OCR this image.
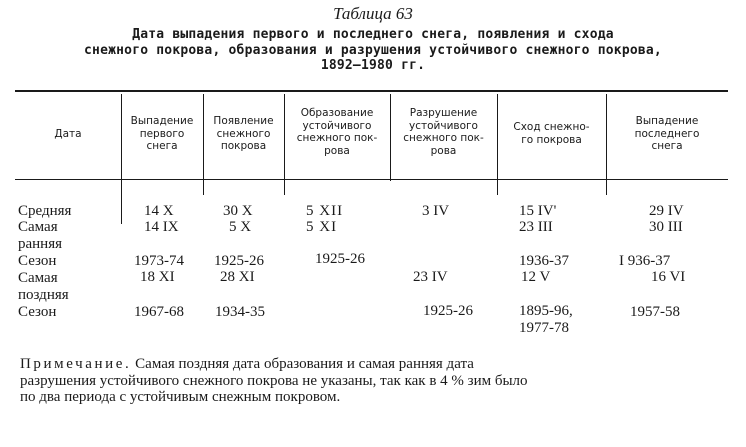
Таблица 63
Дата выпадения первого и последнего снега, появления и схода
снежного покрова, образования и разрушения устойчивого снежного покрова,
1892—1980 гг.
Дата
Выпадение
первого
снега
Появление
снежного
покрова
Образование
устойчивого
снежного пок-
рова
Разрушение
устойчивого
снежного пок-
рова
Сход снежно-
го покрова
Выпадение
последнего
снега
Средняя
Самая
ранняя
Сезон
Самая
поздняя
Сезон
14 X
14 IX
1973-74
18 XI
1967-68
30 X
5 X
1925-26
28 XI
1934-35
5 XII
5 XI
1925-26
3 IV
23 IV
1925-26
15 IV'
23 III
1936-37
12 V
1895-96,
1977-78
29 IV
30 III
I 936-37
16 VI
1957-58
Примечание. Самая поздняя дата образования и самая ранняя дата
разрушения устойчивого снежного покрова не указаны, так как в 4 % зим было
по два периода с устойчивым снежным покровом.
